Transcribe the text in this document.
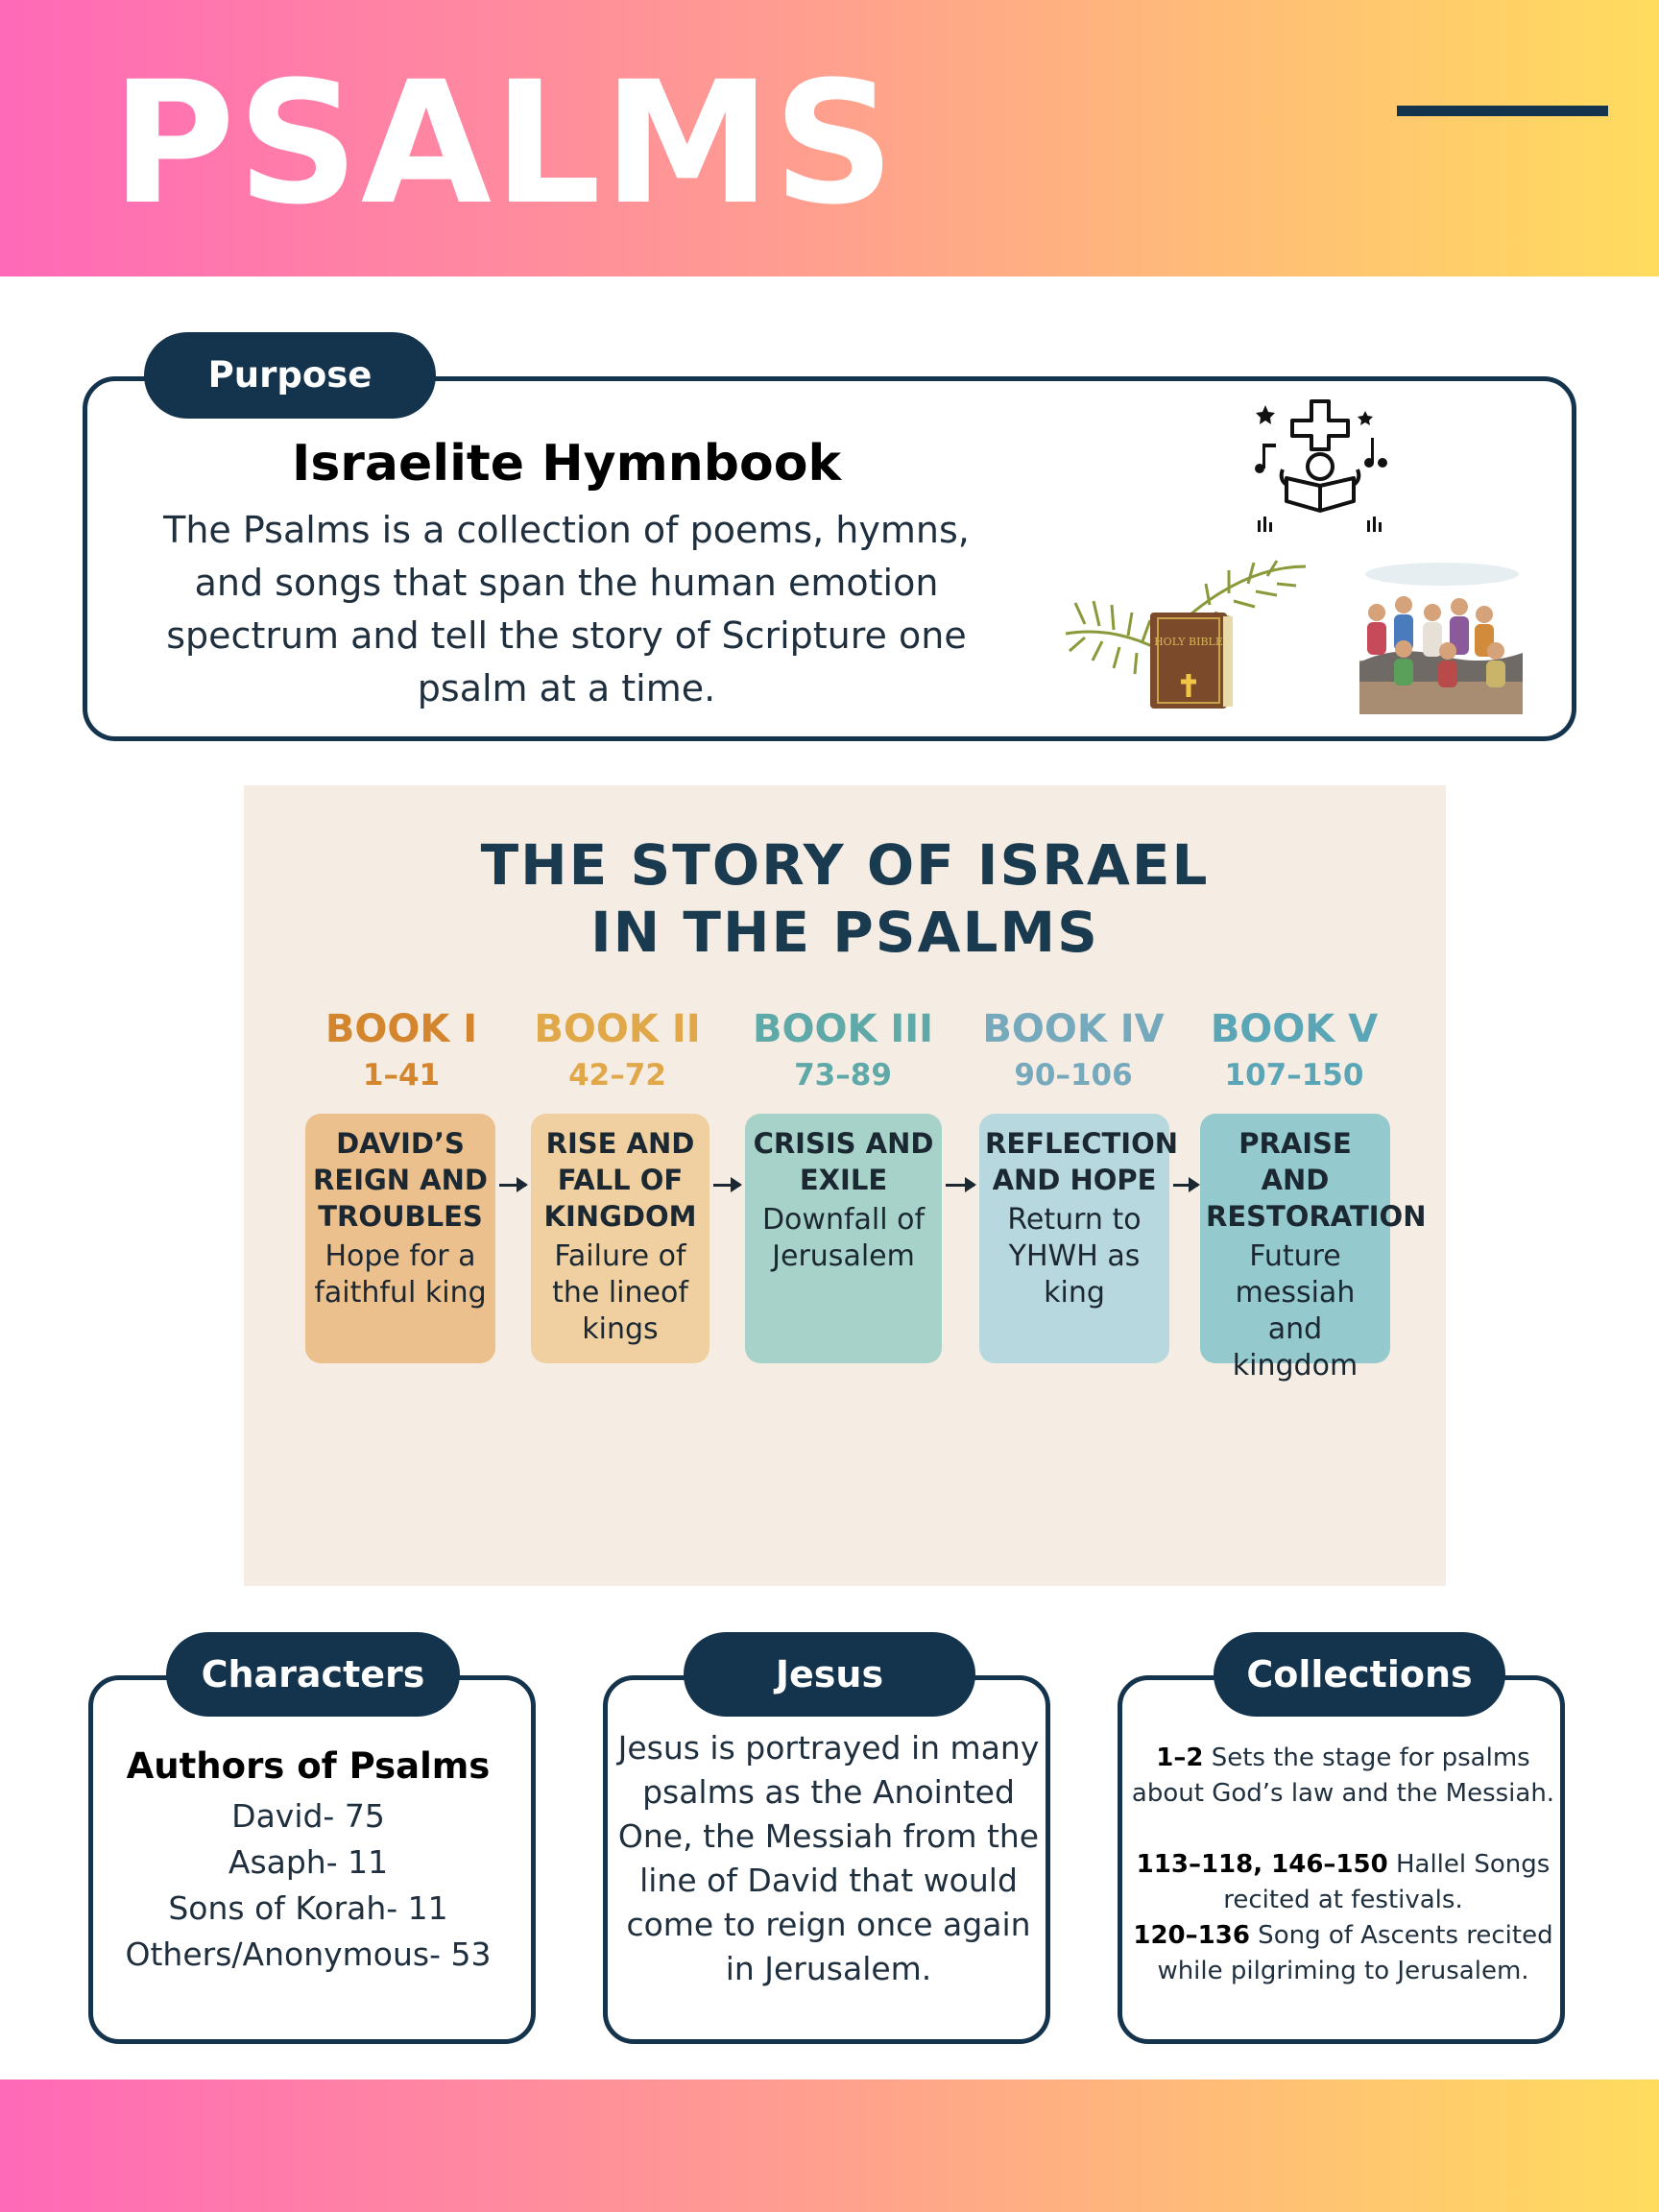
PSALMS
Purpose
Israelite Hymnbook
The Psalms is a collection of poems, hymns, and songs that span the human emotion spectrum and tell the story of Scripture one psalm at a time.
HOLY BIBLE
THE STORY OF ISRAEL
IN THE PSALMS
BOOK I
1–41
BOOK II
42–72
BOOK III
73–89
BOOK IV
90–106
BOOK V
107–150
DAVID’S REIGN AND TROUBLES
Hope for a faithful king
RISE AND FALL OF KINGDOM
Failure of the lineof kings
CRISIS AND EXILE
Downfall of Jerusalem
REFLECTION AND HOPE
Return to YHWH as king
PRAISE AND RESTORATION
Future messiah and kingdom
Characters
Authors of Psalms
David- 75
Asaph- 11
Sons of Korah- 11
Others/Anonymous- 53
Jesus
Jesus is portrayed in many psalms as the Anointed One, the Messiah from the line of David that would come to reign once again in Jerusalem.
Collections
1–2 Sets the stage for psalms about God’s law and the Messiah.
113–118, 146–150 Hallel Songs recited at festivals.
120–136 Song of Ascents recited while pilgriming to Jerusalem.
